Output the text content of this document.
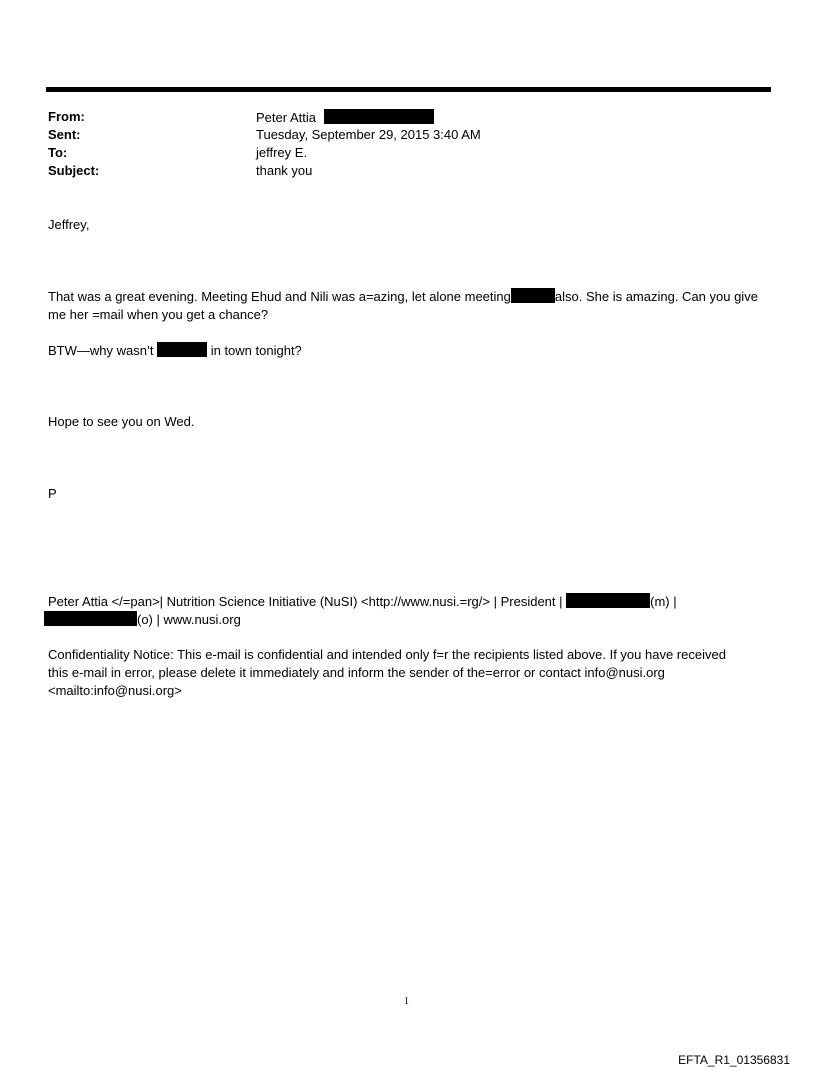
From:	Peter Attia
Sent:	Tuesday, September 29, 2015 3:40 AM
To:	jeffrey E.
Subject:	thank you
Jeffrey,
That was a great evening. Meeting Ehud and Nili was a=azing, let alone meeting	also. She is amazing. Can you give
me her =mail when you get a chance?
BTW—why wasn’t	in town tonight?
Hope to see you on Wed.
P
Peter Attia </=pan>| Nutrition Science Initiative (NuSI) <http://www.nusi.=rg/> | President |	(m) |
(o) | www.nusi.org
Confidentiality Notice: This e-mail is confidential and intended only f=r the recipients listed above. If you have received
this e-mail in error, please delete it immediately and inform the sender of the=error or contact info@nusi.org
<mailto:info@nusi.org>
1
EFTA_R1_01356831
